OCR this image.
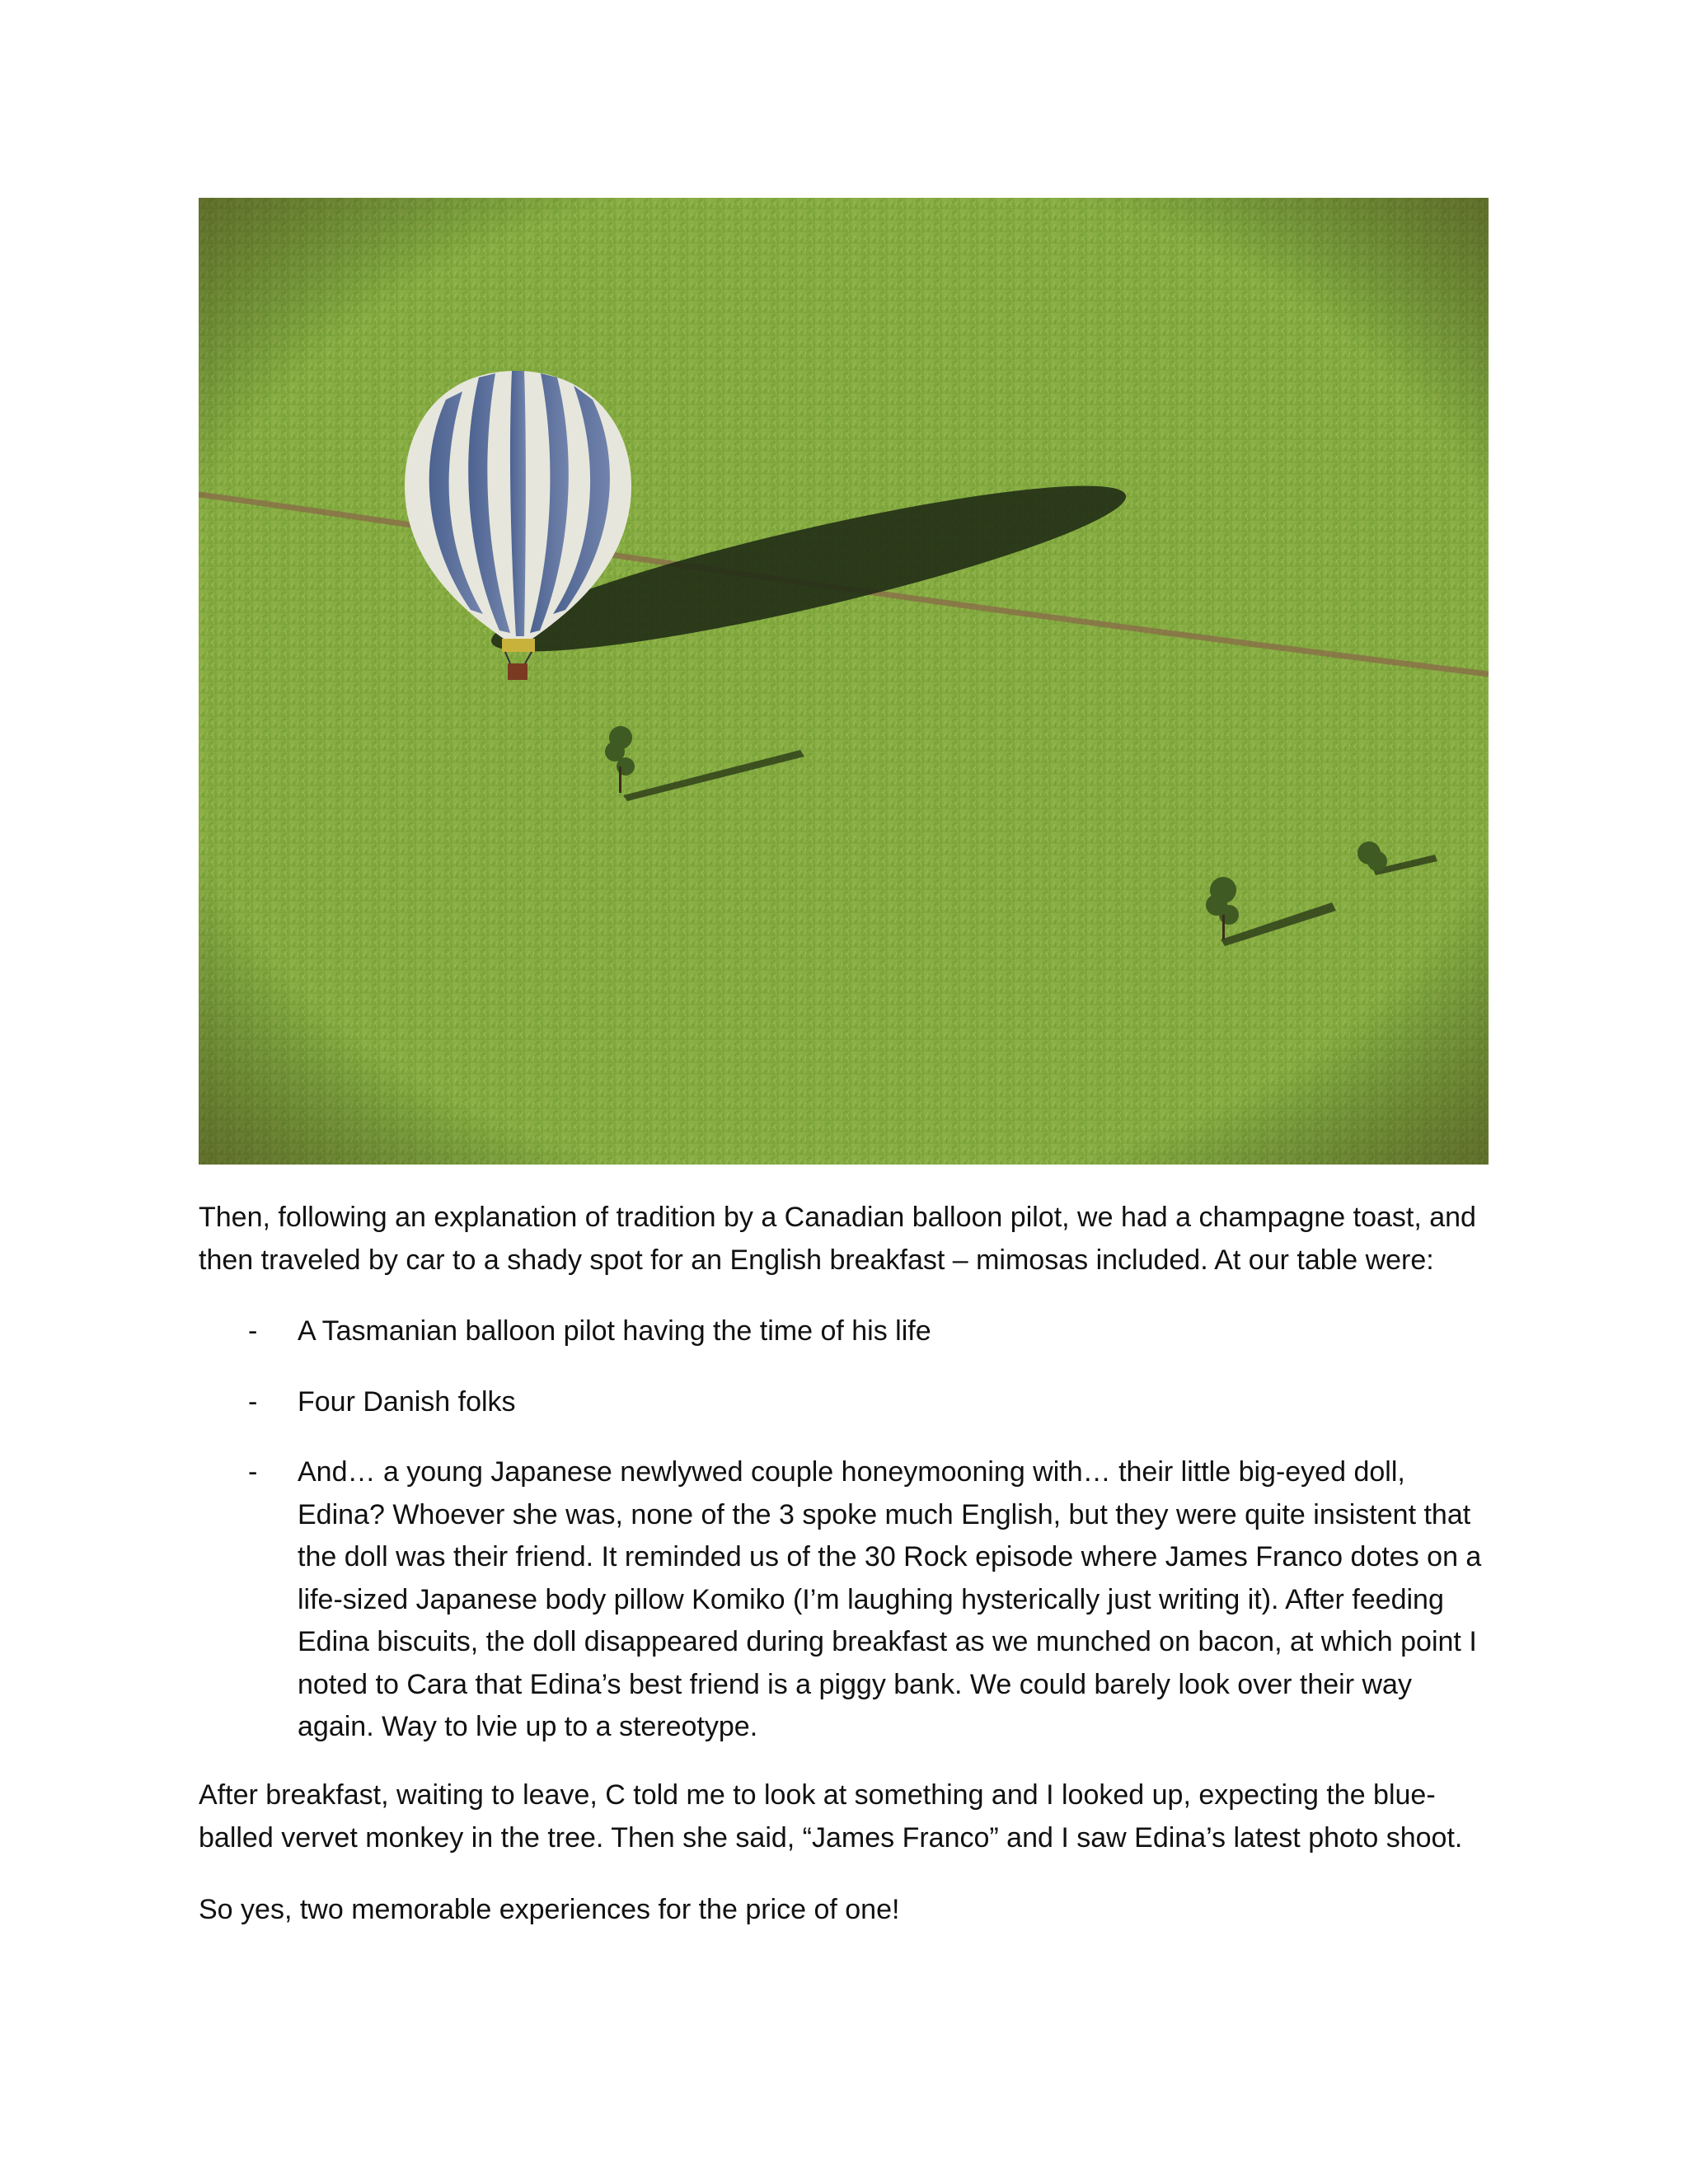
Then, following an explanation of tradition by a Canadian balloon pilot, we had a champagne toast, and then traveled by car to a shady spot for an English breakfast – mimosas included. At our table were:

- A Tasmanian balloon pilot having the time of his life
- Four Danish folks
- And… a young Japanese newlywed couple honeymooning with… their little big-eyed doll, Edina? Whoever she was, none of the 3 spoke much English, but they were quite insistent that the doll was their friend. It reminded us of the 30 Rock episode where James Franco dotes on a life-sized Japanese body pillow Komiko (I’m laughing hysterically just writing it). After feeding Edina biscuits, the doll disappeared during breakfast as we munched on bacon, at which point I noted to Cara that Edina’s best friend is a piggy bank. We could barely look over their way again. Way to lvie up to a stereotype.

After breakfast, waiting to leave, C told me to look at something and I looked up, expecting the blue-balled vervet monkey in the tree. Then she said, “James Franco” and I saw Edina’s latest photo shoot.

So yes, two memorable experiences for the price of one!
